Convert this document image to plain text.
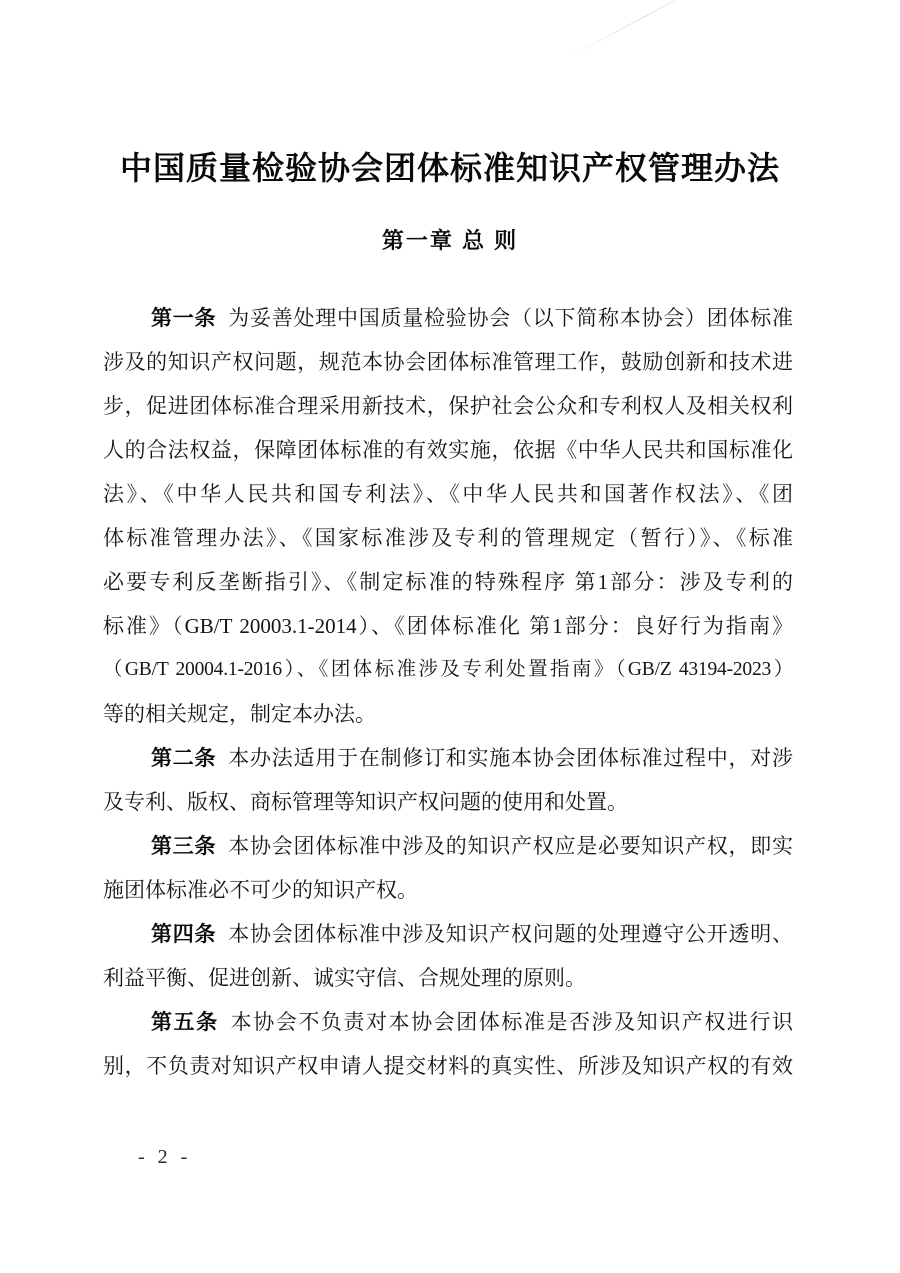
中国质量检验协会团体标准知识产权管理办法
第一章 总 则
第一条 为妥善处理中国质量检验协会（以下简称本协会）团体标准
涉及的知识产权问题，规范本协会团体标准管理工作，鼓励创新和技术进
步，促进团体标准合理采用新技术，保护社会公众和专利权人及相关权利
人的合法权益，保障团体标准的有效实施，依据《中华人民共和国标准化
法》、《中华人民共和国专利法》、《中华人民共和国著作权法》、《团
体标准管理办法》、《国家标准涉及专利的管理规定（暂行）》、《标准
必要专利反垄断指引》、《制定标准的特殊程序 第1部分：涉及专利的
标准》（GB/T 20003.1-2014）、《团体标准化 第1部分：良好行为指南》
（GB/T 20004.1-2016）、《团体标准涉及专利处置指南》（GB/Z 43194-2023）
等的相关规定，制定本办法。
第二条 本办法适用于在制修订和实施本协会团体标准过程中，对涉
及专利、版权、商标管理等知识产权问题的使用和处置。
第三条 本协会团体标准中涉及的知识产权应是必要知识产权，即实
施团体标准必不可少的知识产权。
第四条 本协会团体标准中涉及知识产权问题的处理遵守公开透明、
利益平衡、促进创新、诚实守信、合规处理的原则。
第五条 本协会不负责对本协会团体标准是否涉及知识产权进行识
别，不负责对知识产权申请人提交材料的真实性、所涉及知识产权的有效
- 2 -
